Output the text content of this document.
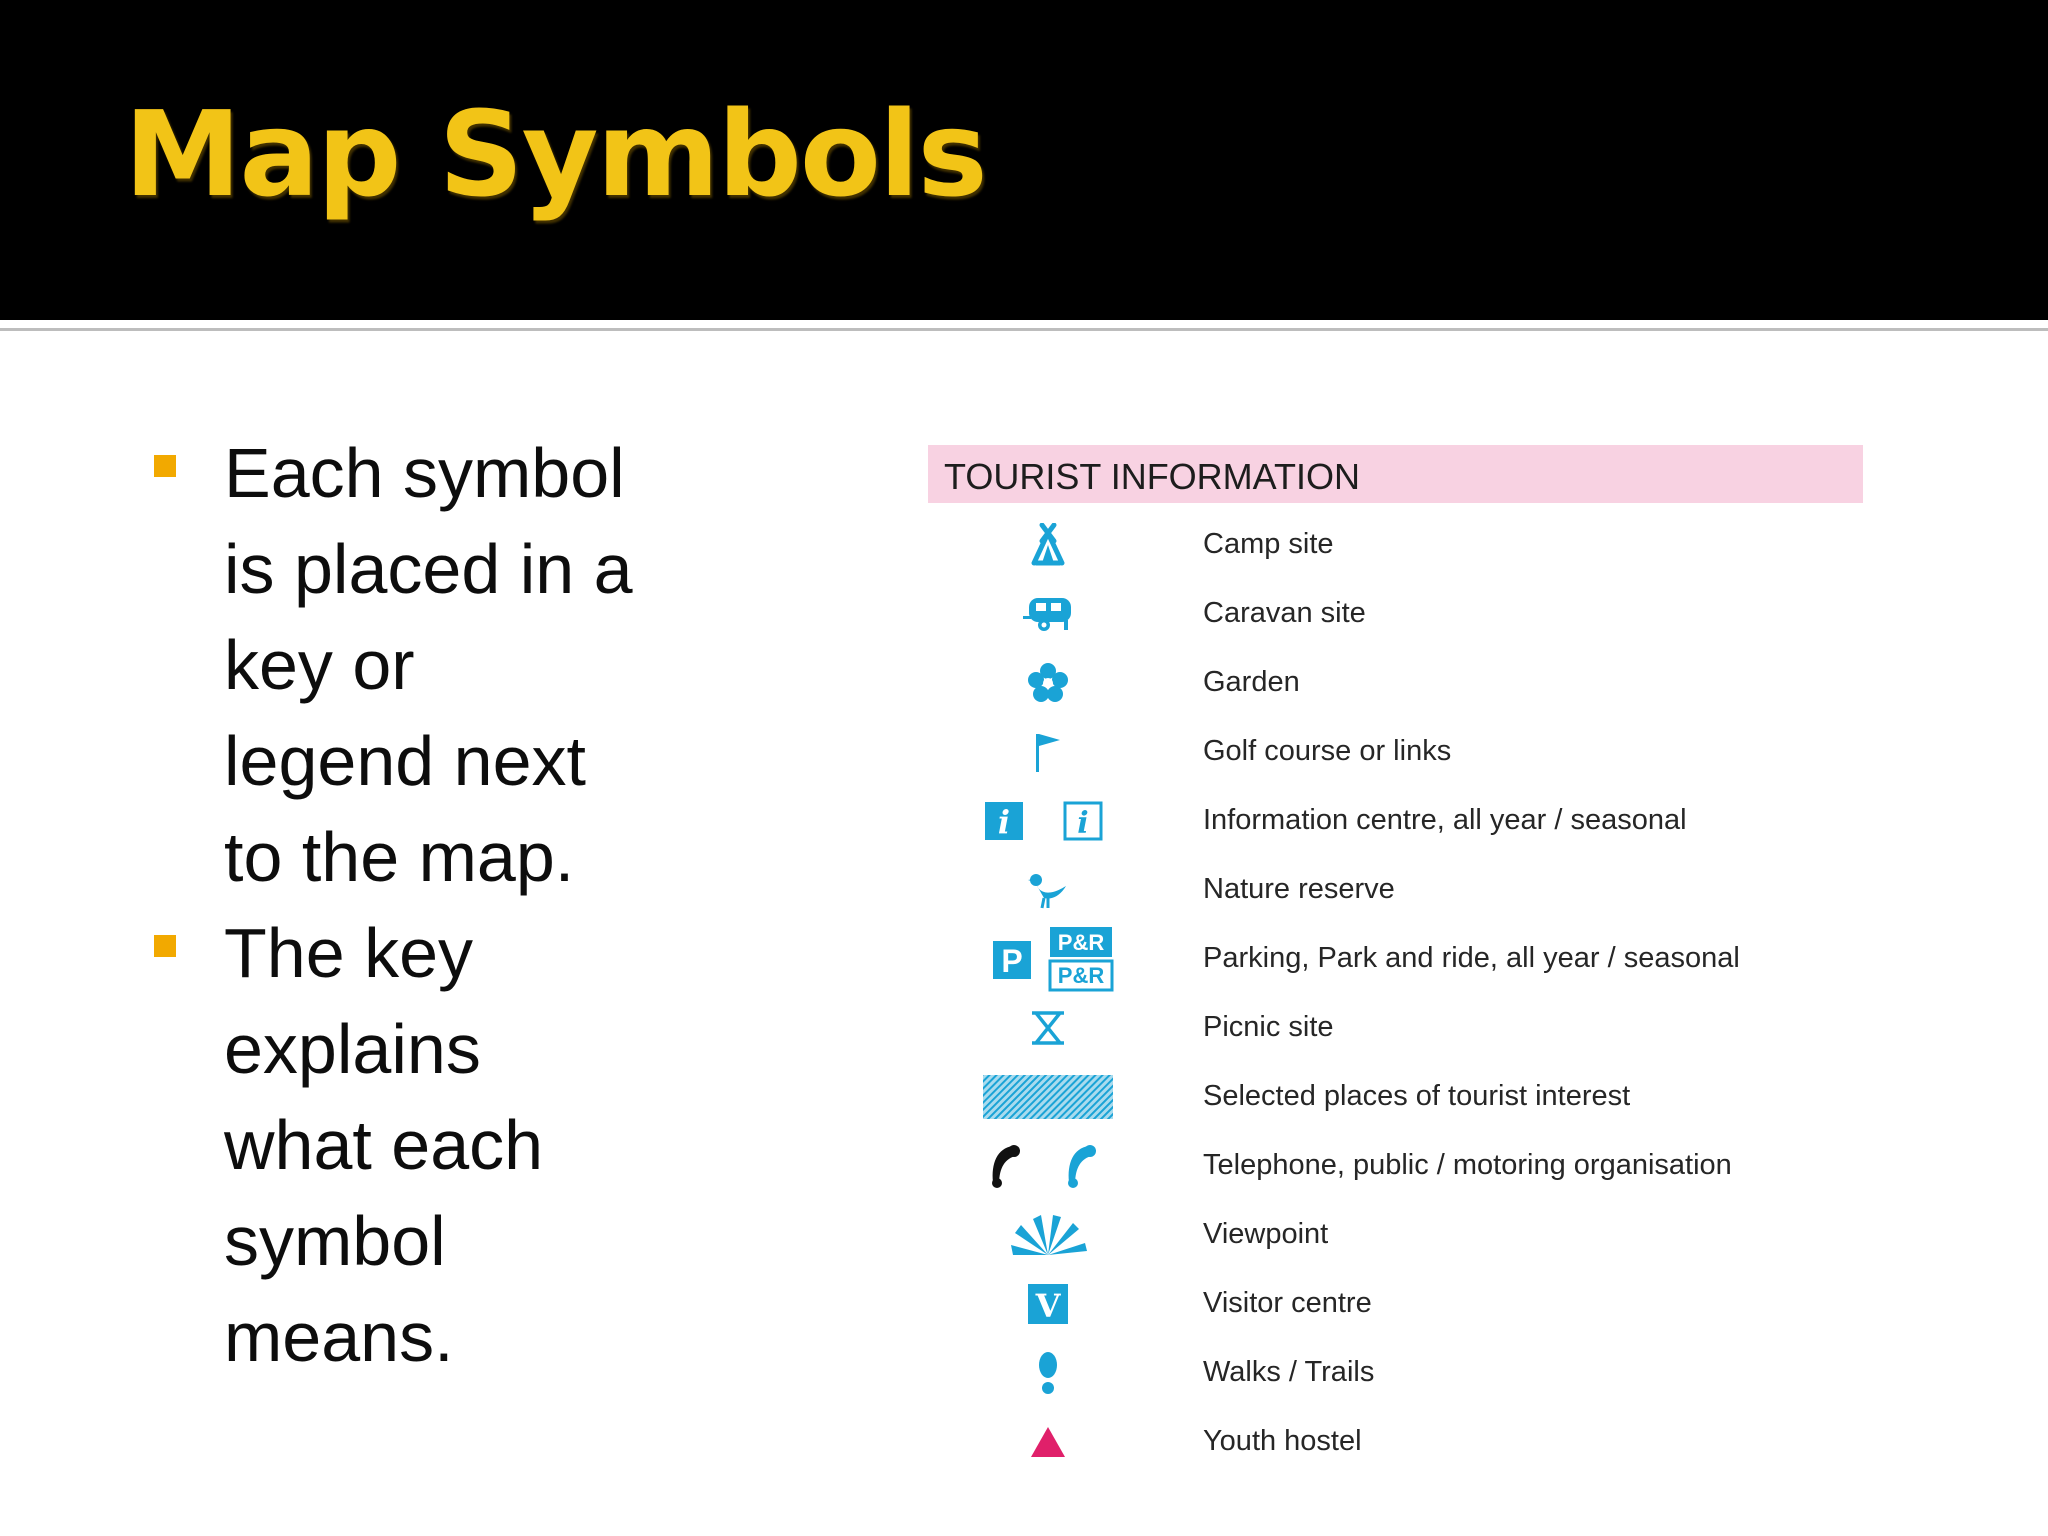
Map Symbols
Each symbol
is placed in a
key or
legend next
to the map.
The key
explains
what each
symbol
means.
TOURIST INFORMATION
Camp site
Caravan site
Garden
Golf course or links
i i	Information centre, all year / seasonal
Nature reserve
P
P&R
P&R
Parking, Park and ride, all year / seasonal
Picnic site
Selected places of tourist interest
Telephone, public / motoring organisation
Viewpoint
V	Visitor centre
Walks / Trails
Youth hostel
